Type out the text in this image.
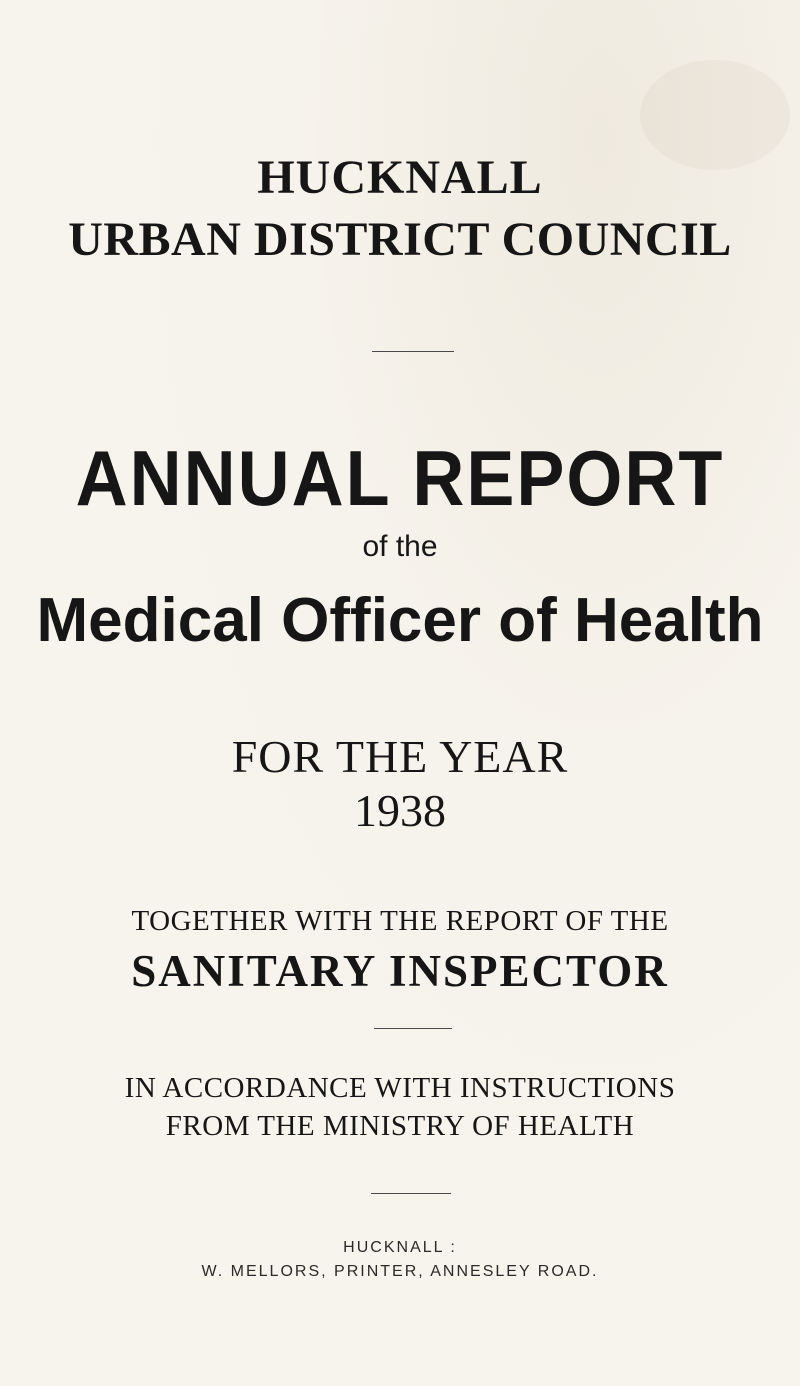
HUCKNALL
URBAN DISTRICT COUNCIL
ANNUAL REPORT

of the

Medical Officer of Health

FOR THE YEAR

1938

TOGETHER WITH THE REPORT OF THE

SANITARY INSPECTOR

IN ACCORDANCE WITH INSTRUCTIONS

FROM THE MINISTRY OF HEALTH

HUCKNALL :

W. MELLORS, PRINTER, ANNESLEY ROAD.
